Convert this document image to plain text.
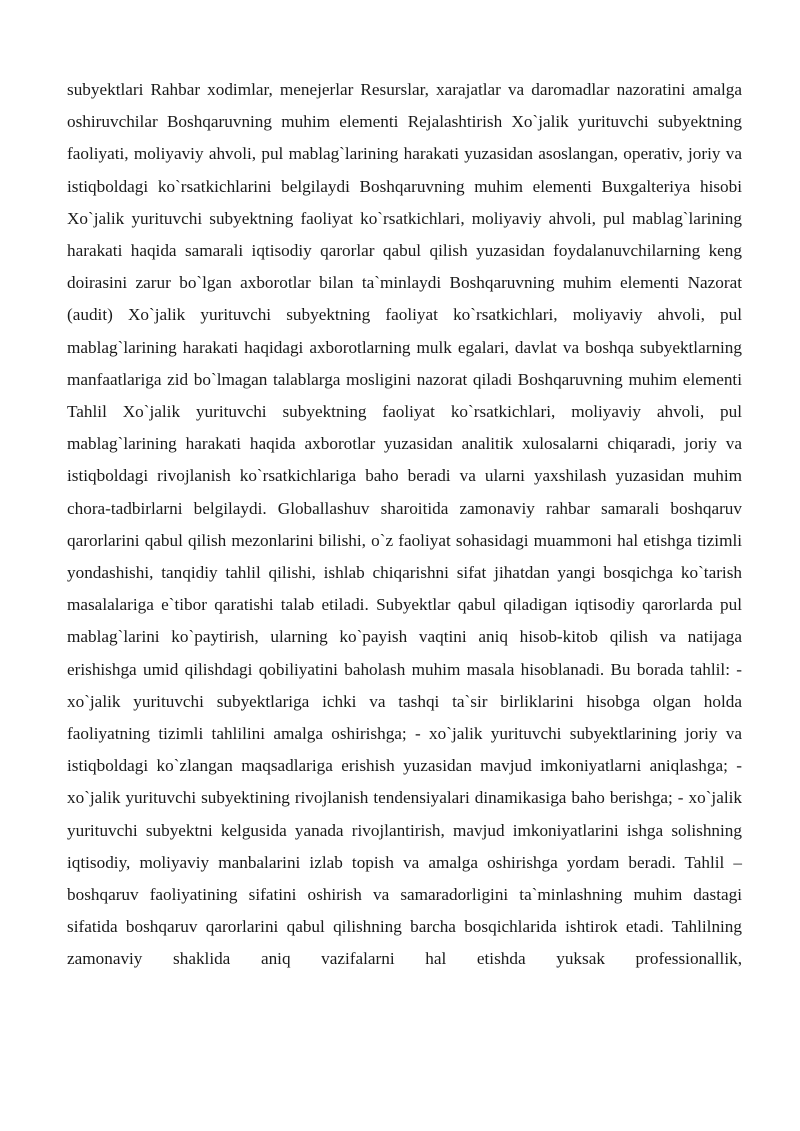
subyektlari Rahbar xodimlar, menejerlar Resurslar, xarajatlar va daromadlar nazoratini amalga oshiruvchilar Boshqaruvning muhim elementi Rejalashtirish Xo`jalik yurituvchi subyektning faoliyati, moliyaviy ahvoli, pul mablag`larining harakati yuzasidan asoslangan, operativ, joriy va istiqboldagi ko`rsatkichlarini belgilaydi Boshqaruvning muhim elementi Buxgalteriya hisobi Xo`jalik yurituvchi subyektning faoliyat ko`rsatkichlari, moliyaviy ahvoli, pul mablag`larining harakati haqida samarali iqtisodiy qarorlar qabul qilish yuzasidan foydalanuvchilarning keng doirasini zarur bo`lgan axborotlar bilan ta`minlaydi Boshqaruvning muhim elementi Nazorat (audit) Xo`jalik yurituvchi subyektning faoliyat ko`rsatkichlari, moliyaviy ahvoli, pul mablag`larining harakati haqidagi axborotlarning mulk egalari, davlat va boshqa subyektlarning manfaatlariga zid bo`lmagan talablarga mosligini nazorat qiladi Boshqaruvning muhim elementi Tahlil Xo`jalik yurituvchi subyektning faoliyat ko`rsatkichlari, moliyaviy ahvoli, pul mablag`larining harakati haqida axborotlar yuzasidan analitik xulosalarni chiqaradi, joriy va istiqboldagi rivojlanish ko`rsatkichlariga baho beradi va ularni yaxshilash yuzasidan muhim chora-tadbirlarni belgilaydi. Globallashuv sharoitida zamonaviy rahbar samarali boshqaruv qarorlarini qabul qilish mezonlarini bilishi, o`z faoliyat sohasidagi muammoni hal etishga tizimli yondashishi, tanqidiy tahlil qilishi, ishlab chiqarishni sifat jihatdan yangi bosqichga ko`tarish masalalariga e`tibor qaratishi talab etiladi. Subyektlar qabul qiladigan iqtisodiy qarorlarda pul mablag`larini ko`paytirish, ularning ko`payish vaqtini aniq hisob-kitob qilish va natijaga erishishga umid qilishdagi qobiliyatini baholash muhim masala hisoblanadi. Bu borada tahlil: - xo`jalik yurituvchi subyektlariga ichki va tashqi ta`sir birliklarini hisobga olgan holda faoliyatning tizimli tahlilini amalga oshirishga; - xo`jalik yurituvchi subyektlarining joriy va istiqboldagi ko`zlangan maqsadlariga erishish yuzasidan mavjud imkoniyatlarni aniqlashga; - xo`jalik yurituvchi subyektining rivojlanish tendensiyalari dinamikasiga baho berishga; - xo`jalik yurituvchi subyektni kelgusida yanada rivojlantirish, mavjud imkoniyatlarini ishga solishning iqtisodiy, moliyaviy manbalarini izlab topish va amalga oshirishga yordam beradi. Tahlil – boshqaruv faoliyatining sifatini oshirish va samaradorligini ta`minlashning muhim dastagi sifatida boshqaruv qarorlarini qabul qilishning barcha bosqichlarida ishtirok etadi. Tahlilning zamonaviy shaklida aniq vazifalarni hal etishda yuksak professionallik,
